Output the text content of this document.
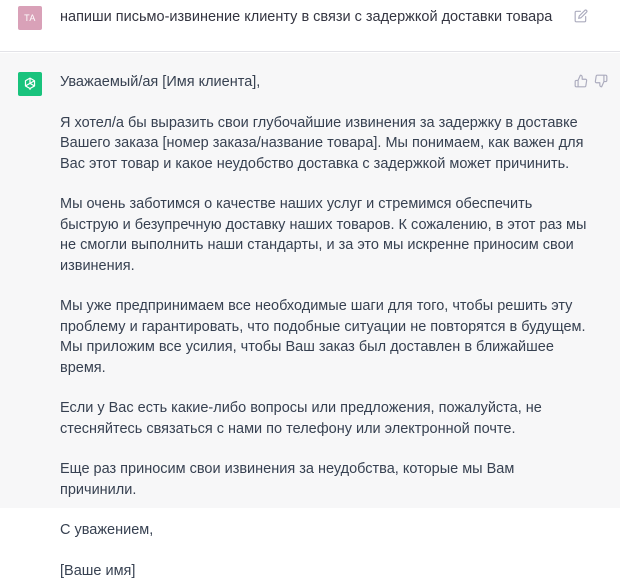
TA	напиши письмо-извинение клиенту в связи с задержкой доставки товара

Уважаемый/ая [Имя клиента],

Я хотел/а бы выразить свои глубочайшие извинения за задержку в доставке Вашего заказа [номер заказа/название товара]. Мы понимаем, как важен для Вас этот товар и какое неудобство доставка с задержкой может причинить.

Мы очень заботимся о качестве наших услуг и стремимся обеспечить быструю и безупречную доставку наших товаров. К сожалению, в этот раз мы не смогли выполнить наши стандарты, и за это мы искренне приносим свои извинения.

Мы уже предпринимаем все необходимые шаги для того, чтобы решить эту проблему и гарантировать, что подобные ситуации не повторятся в будущем. Мы приложим все усилия, чтобы Ваш заказ был доставлен в ближайшее время.

Если у Вас есть какие-либо вопросы или предложения, пожалуйста, не стесняйтесь связаться с нами по телефону или электронной почте.

Еще раз приносим свои извинения за неудобства, которые мы Вам причинили.

С уважением,

[Ваше имя]
